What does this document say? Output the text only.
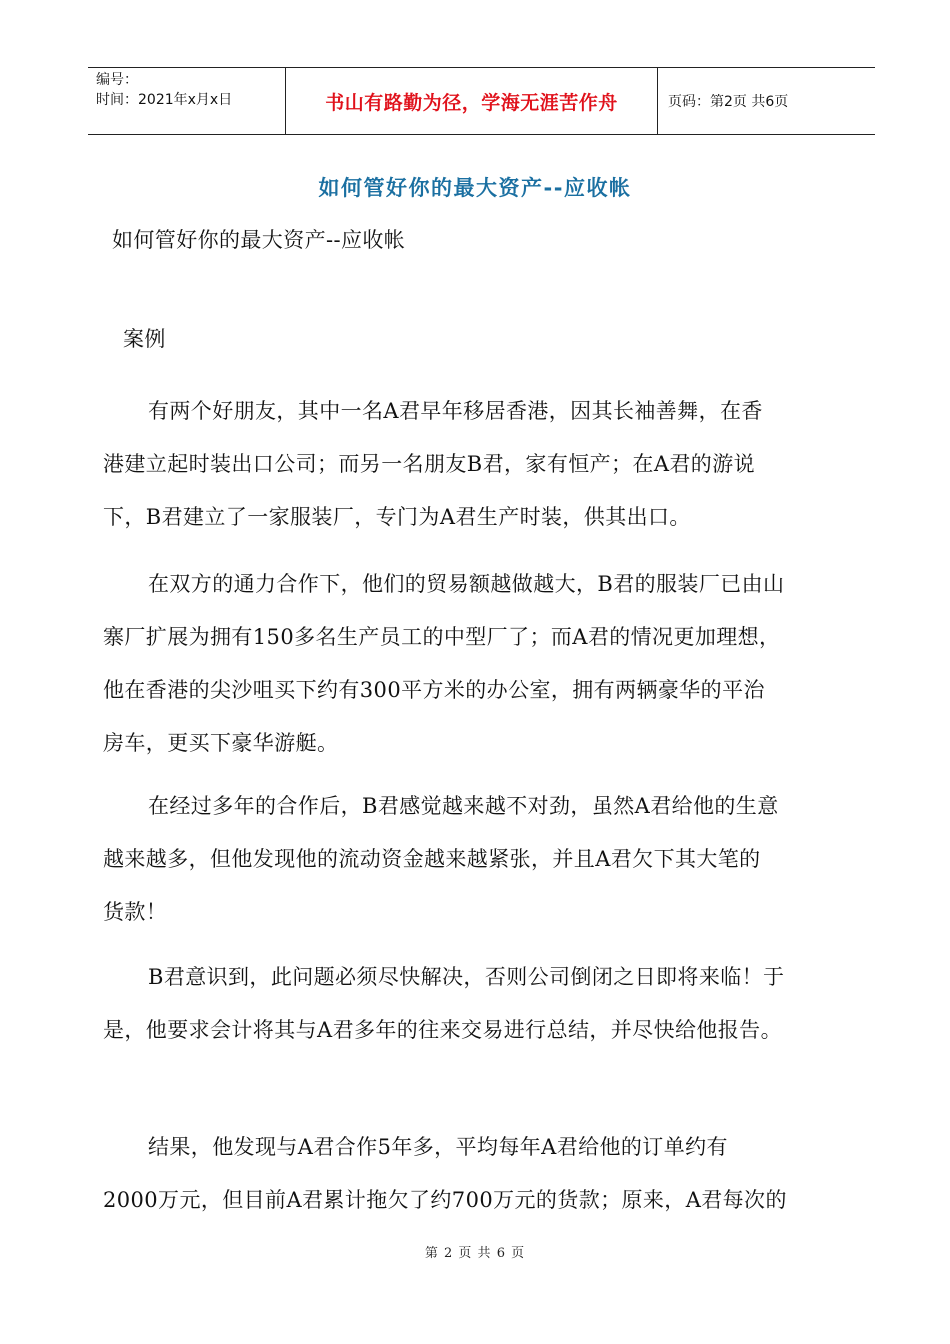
编号：
时间：2021年x月x日	书山有路勤为径，学海无涯苦作舟	页码：第2页 共6页
如何管好你的最大资产--应收帐
如何管好你的最大资产--应收帐
案例
有两个好朋友，其中一名A君早年移居香港，因其长袖善舞，在香
港建立起时装出口公司；而另一名朋友B君，家有恒产；在A君的游说
下，B君建立了一家服装厂，专门为A君生产时装，供其出口。
在双方的通力合作下，他们的贸易额越做越大，B君的服装厂已由山
寨厂扩展为拥有150多名生产员工的中型厂了；而A君的情况更加理想，
他在香港的尖沙咀买下约有300平方米的办公室，拥有两辆豪华的平治
房车，更买下豪华游艇。
在经过多年的合作后，B君感觉越来越不对劲，虽然A君给他的生意
越来越多，但他发现他的流动资金越来越紧张，并且A君欠下其大笔的
货款！
B君意识到，此问题必须尽快解决，否则公司倒闭之日即将来临！于
是，他要求会计将其与A君多年的往来交易进行总结，并尽快给他报告。
结果，他发现与A君合作5年多，平均每年A君给他的订单约有
2000万元，但目前A君累计拖欠了约700万元的货款；原来，A君每次的
第 2 页 共 6 页
